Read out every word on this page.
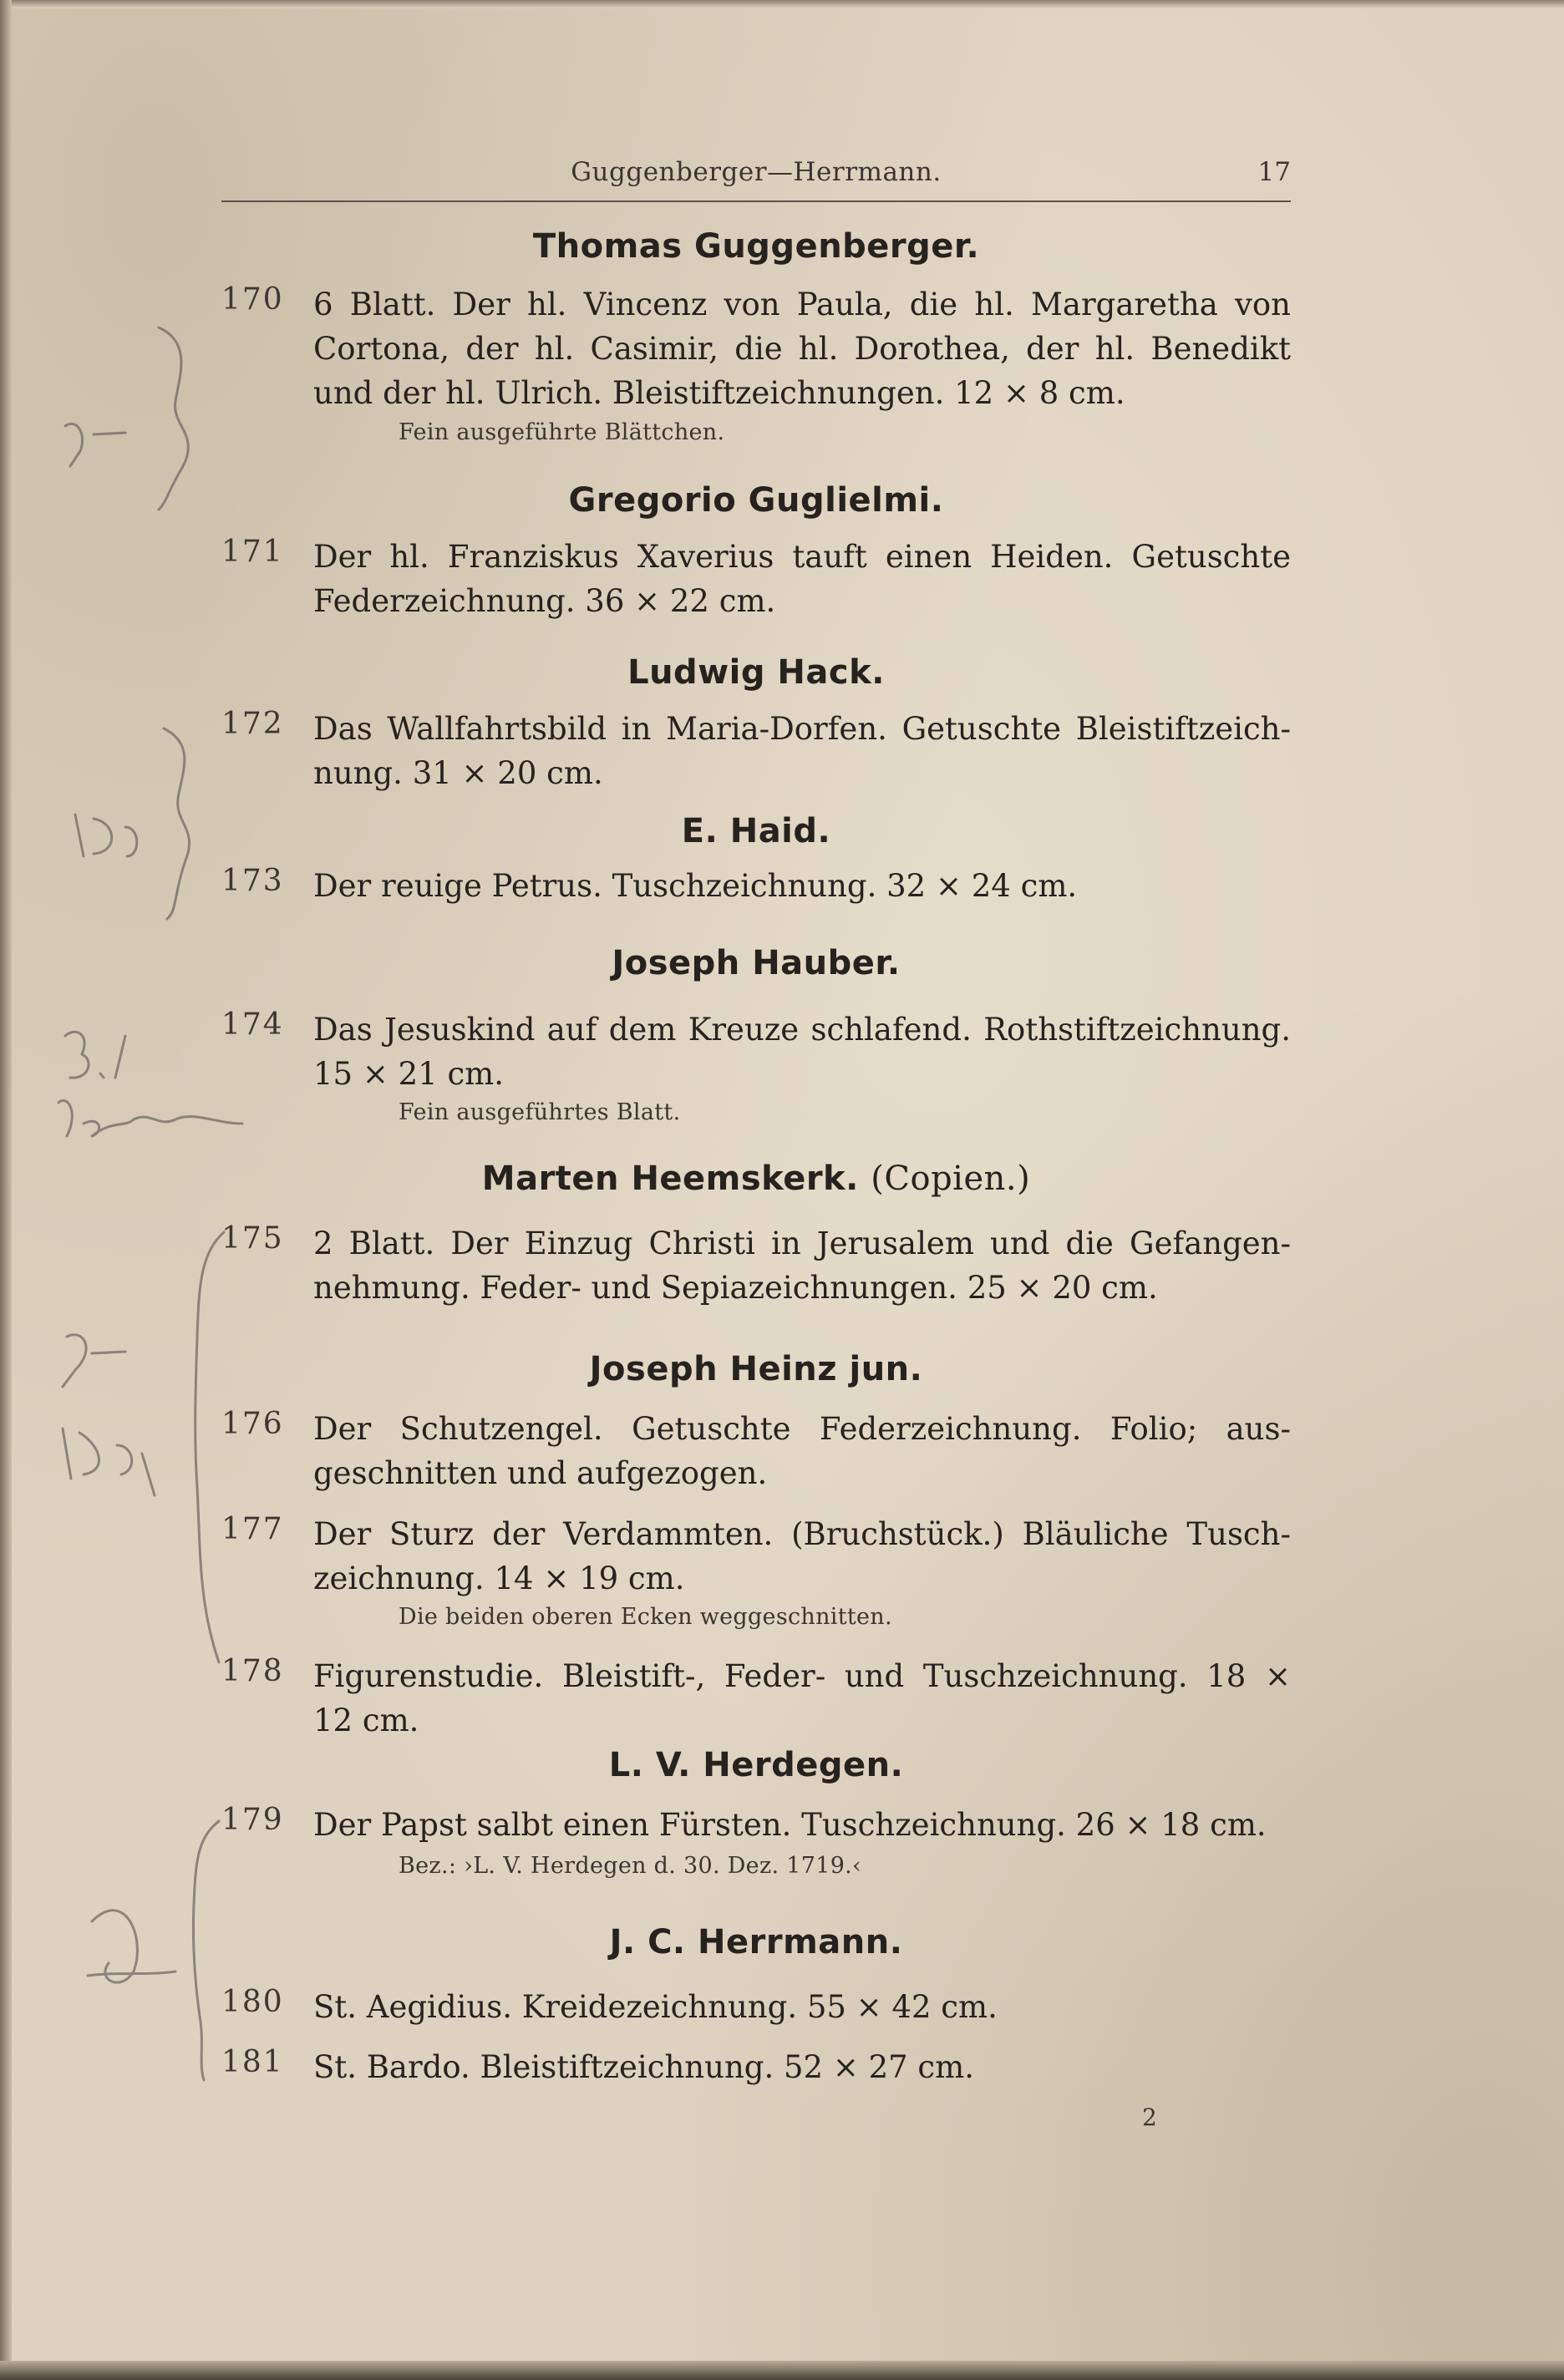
Guggenberger—Herrmann.	17
Thomas Guggenberger.
170 6 Blatt. Der hl. Vincenz von Paula, die hl. Margaretha von
Cortona, der hl. Casimir, die hl. Dorothea, der hl. Benedikt
und der hl. Ulrich. Bleistiftzeichnungen. 12 × 8 cm.
Fein ausgeführte Blättchen.
Gregorio Guglielmi.
171 Der hl. Franziskus Xaverius tauft einen Heiden. Getuschte
Federzeichnung. 36 × 22 cm.
Ludwig Hack.
172 Das Wallfahrtsbild in Maria-Dorfen. Getuschte Bleistiftzeich-
nung. 31 × 20 cm.
E. Haid.
173 Der reuige Petrus. Tuschzeichnung. 32 × 24 cm.
Joseph Hauber.
174 Das Jesuskind auf dem Kreuze schlafend. Rothstiftzeichnung.
15 × 21 cm.
Fein ausgeführtes Blatt.
Marten Heemskerk. (Copien.)
175 2 Blatt. Der Einzug Christi in Jerusalem und die Gefangen-
nehmung. Feder- und Sepiazeichnungen. 25 × 20 cm.
Joseph Heinz jun.
176 Der Schutzengel. Getuschte Federzeichnung. Folio; aus-
geschnitten und aufgezogen.
177 Der Sturz der Verdammten. (Bruchstück.) Bläuliche Tusch-
zeichnung. 14 × 19 cm.
Die beiden oberen Ecken weggeschnitten.
178 Figurenstudie. Bleistift-, Feder- und Tuschzeichnung. 18 ×
12 cm.
L. V. Herdegen.
179 Der Papst salbt einen Fürsten. Tuschzeichnung. 26 × 18 cm.
Bez.: ›L. V. Herdegen d. 30. Dez. 1719.‹
J. C. Herrmann.
180 St. Aegidius. Kreidezeichnung. 55 × 42 cm.
181 St. Bardo. Bleistiftzeichnung. 52 × 27 cm.
2
